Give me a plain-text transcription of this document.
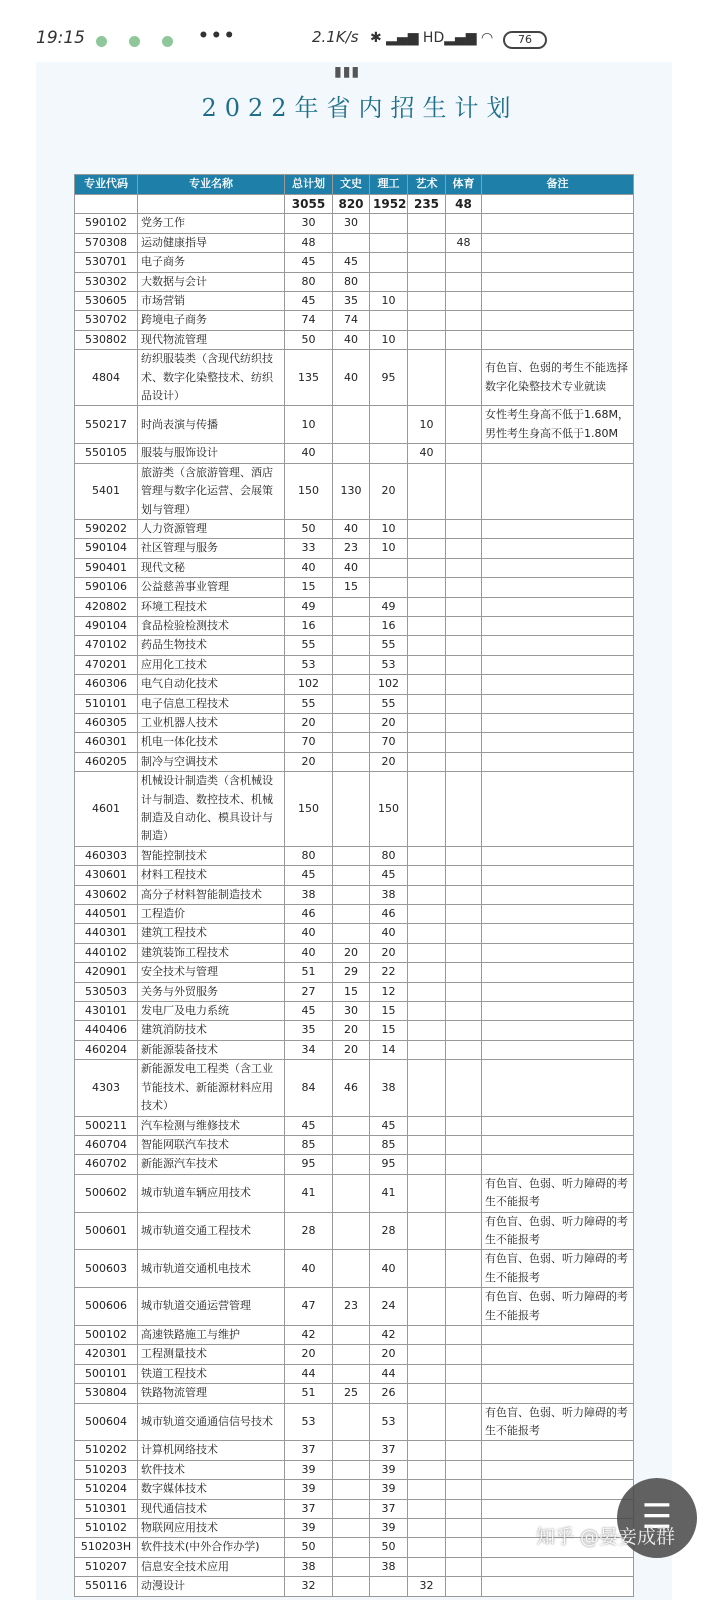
19:15	•••	2.1K/s ✱ ▂▄▆ HD▂▄▆ ◠	76
▮▮▮
2022年省内招生计划
专业代码	专业名称	总计划	文史	理工	艺术	体育	备注
		3055	820	1952	235	48	
590102	党务工作	30	30				
570308	运动健康指导	48				48	
530701	电子商务	45	45				
530302	大数据与会计	80	80				
530605	市场营销	45	35	10			
530702	跨境电子商务	74	74				
530802	现代物流管理	50	40	10			
4804	纺织服装类（含现代纺织技术、数字化染整技术、纺织品设计）	135	40	95			有色盲、色弱的考生不能选择数字化染整技术专业就读
550217	时尚表演与传播	10			10		女性考生身高不低于1.68M，男性考生身高不低于1.80M
550105	服装与服饰设计	40			40		
5401	旅游类（含旅游管理、酒店管理与数字化运营、会展策划与管理）	150	130	20			
590202	人力资源管理	50	40	10			
590104	社区管理与服务	33	23	10			
590401	现代文秘	40	40				
590106	公益慈善事业管理	15	15				
420802	环境工程技术	49		49			
490104	食品检验检测技术	16		16			
470102	药品生物技术	55		55			
470201	应用化工技术	53		53			
460306	电气自动化技术	102		102			
510101	电子信息工程技术	55		55			
460305	工业机器人技术	20		20			
460301	机电一体化技术	70		70			
460205	制冷与空调技术	20		20			
4601	机械设计制造类（含机械设计与制造、数控技术、机械制造及自动化、模具设计与制造）	150		150			
460303	智能控制技术	80		80			
430601	材料工程技术	45		45			
430602	高分子材料智能制造技术	38		38			
440501	工程造价	46		46			
440301	建筑工程技术	40		40			
440102	建筑装饰工程技术	40	20	20			
420901	安全技术与管理	51	29	22			
530503	关务与外贸服务	27	15	12			
430101	发电厂及电力系统	45	30	15			
440406	建筑消防技术	35	20	15			
460204	新能源装备技术	34	20	14			
4303	新能源发电工程类（含工业节能技术、新能源材料应用技术）	84	46	38			
500211	汽车检测与维修技术	45		45			
460704	智能网联汽车技术	85		85			
460702	新能源汽车技术	95		95			
500602	城市轨道车辆应用技术	41		41			有色盲、色弱、听力障碍的考生不能报考
500601	城市轨道交通工程技术	28		28			有色盲、色弱、听力障碍的考生不能报考
500603	城市轨道交通机电技术	40		40			有色盲、色弱、听力障碍的考生不能报考
500606	城市轨道交通运营管理	47	23	24			有色盲、色弱、听力障碍的考生不能报考
500102	高速铁路施工与维护	42		42			
420301	工程测量技术	20		20			
500101	铁道工程技术	44		44			
530804	铁路物流管理	51	25	26			
500604	城市轨道交通通信信号技术	53		53			有色盲、色弱、听力障碍的考生不能报考
510202	计算机网络技术	37		37			
510203	软件技术	39		39			
510204	数字媒体技术	39		39			
510301	现代通信技术	37		37			
510102	物联网应用技术	39		39			
510203H	软件技术(中外合作办学)	50		50			
510207	信息安全技术应用	38		38			
550116	动漫设计	32			32		
☰
知乎 @晏妾成群
